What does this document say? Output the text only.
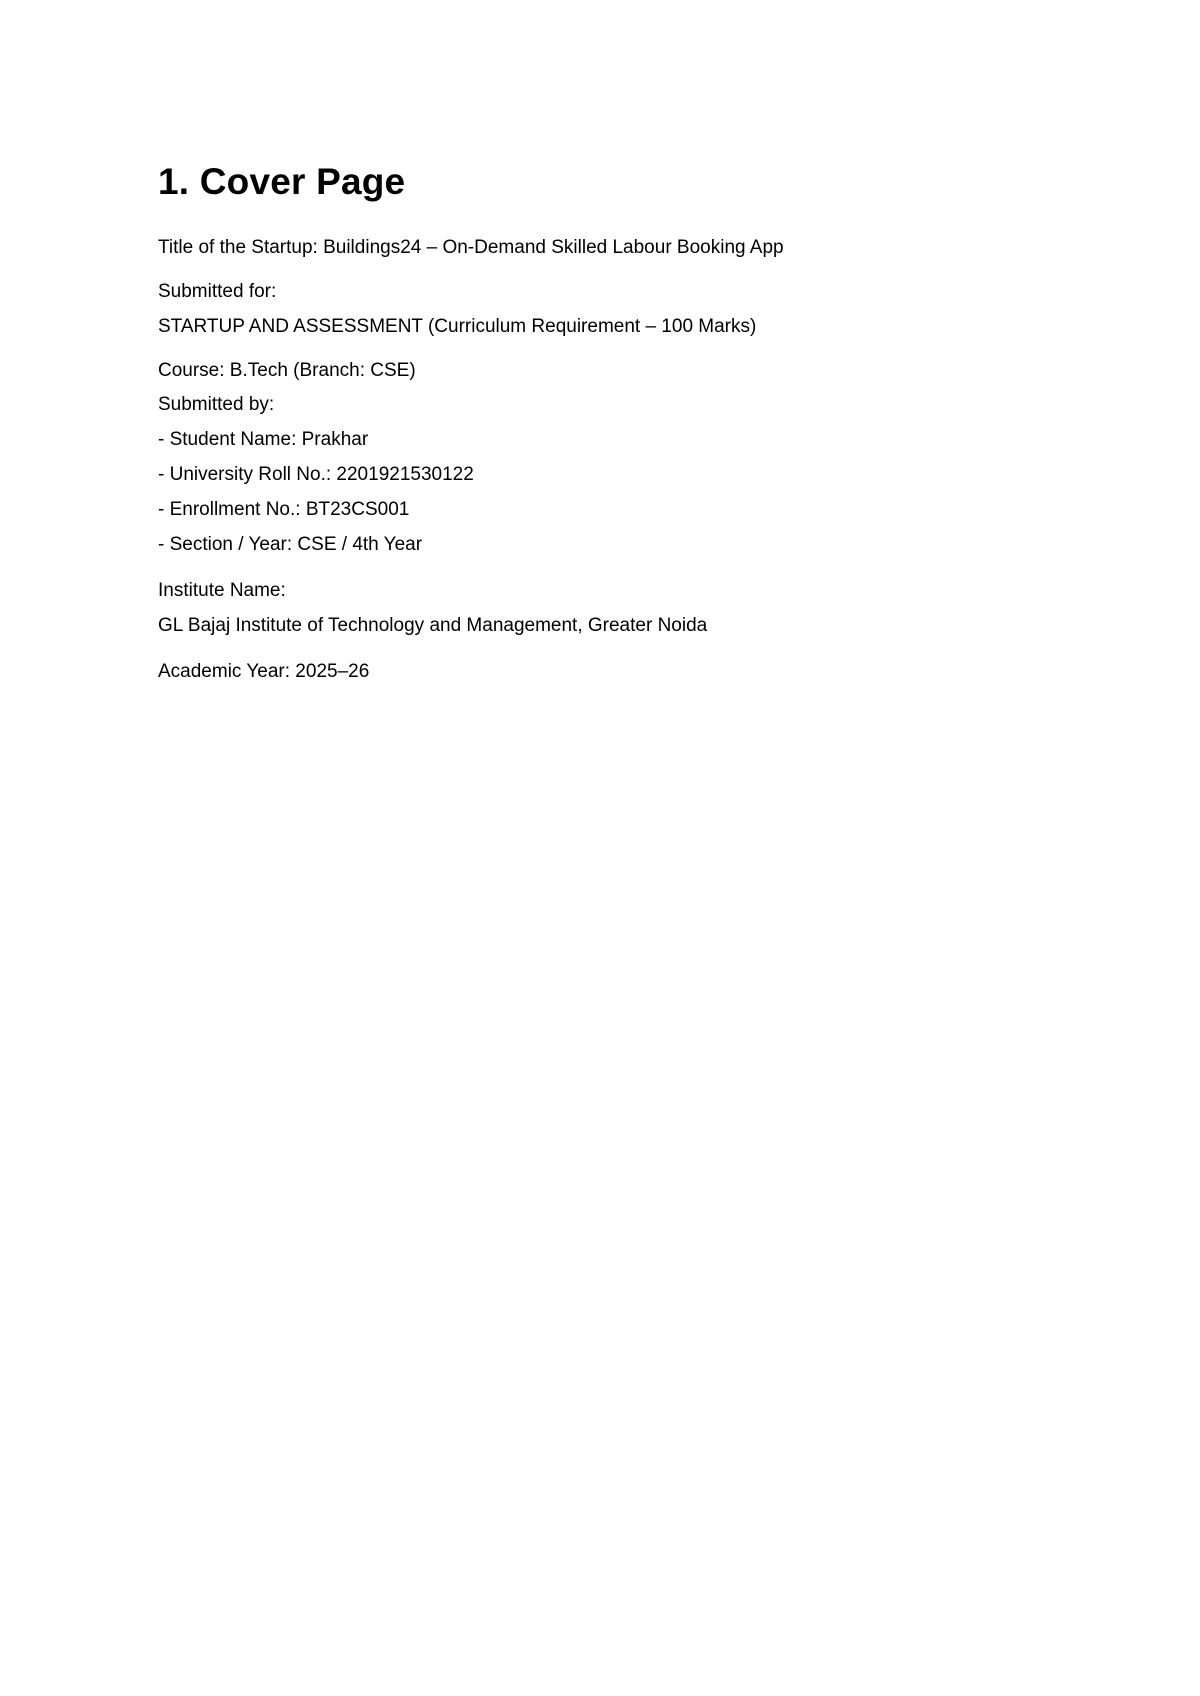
1. Cover Page
Title of the Startup: Buildings24 – On-Demand Skilled Labour Booking App
Submitted for:
STARTUP AND ASSESSMENT (Curriculum Requirement – 100 Marks)
Course: B.Tech (Branch: CSE)
Submitted by:
- Student Name: Prakhar
- University Roll No.: 2201921530122
- Enrollment No.: BT23CS001
- Section / Year: CSE / 4th Year
Institute Name:
GL Bajaj Institute of Technology and Management, Greater Noida
Academic Year: 2025–26
